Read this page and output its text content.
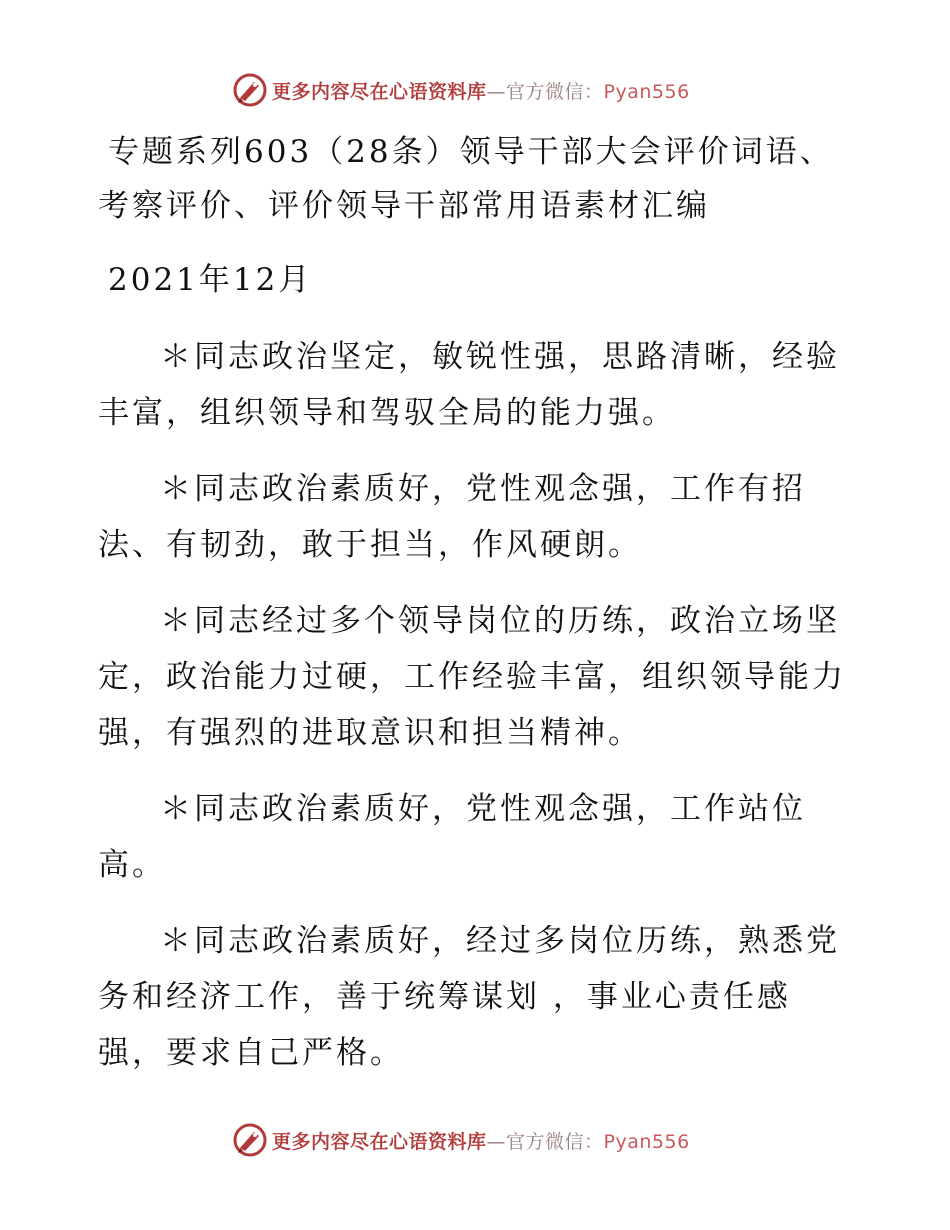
更多内容尽在心语资料库—官方微信：Pyan556

专题系列603（28条）领导干部大会评价词语、
考察评价、评价领导干部常用语素材汇编

2021年12月

＊同志政治坚定，敏锐性强，思路清晰，经验丰富，组织领导和驾驭全局的能力强。

＊同志政治素质好，党性观念强，工作有招法、有韧劲，敢于担当，作风硬朗。

＊同志经过多个领导岗位的历练，政治立场坚定，政治能力过硬，工作经验丰富，组织领导能力强，有强烈的进取意识和担当精神。

＊同志政治素质好，党性观念强，工作站位高。

＊同志政治素质好，经过多岗位历练，熟悉党务和经济工作，善于统筹谋划 ，事业心责任感强，要求自己严格。

更多内容尽在心语资料库—官方微信：Pyan556
